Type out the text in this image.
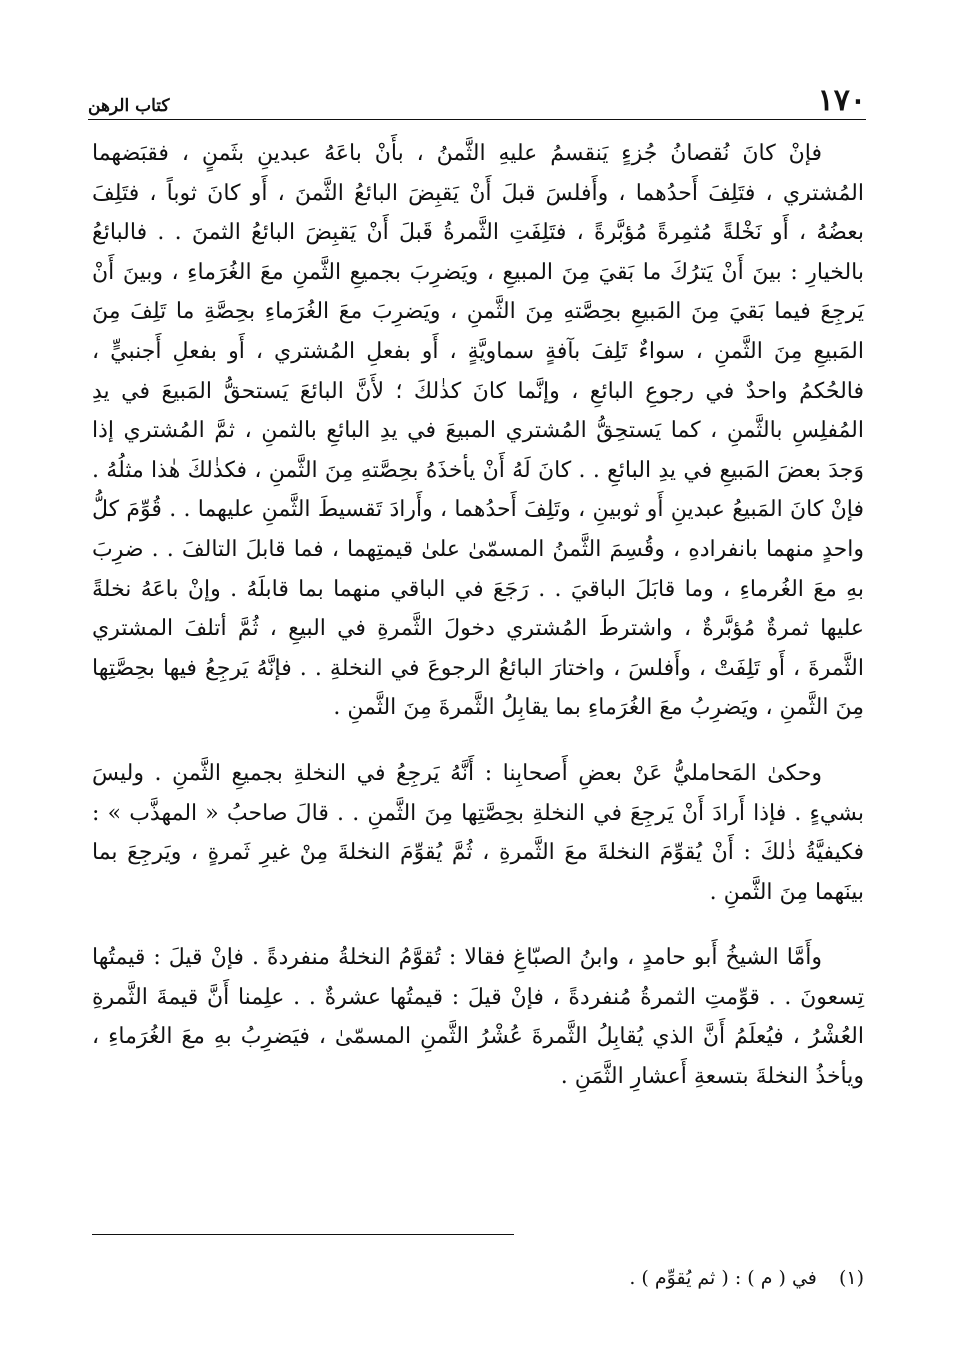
١٧٠
كتاب الرهن

فإنْ كانَ نُقصانُ جُزءٍ يَنقسمُ عليهِ الثَّمنُ ، بأَنْ باعَهُ عبدينِ بثَمنٍ ، فقبَضهما المُشتري ، فتَلِفَ أَحدُهما ، وأَفلسَ قبلَ أَنْ يَقبِضَ البائعُ الثَّمنَ ، أَو كانَ ثوباً ، فتَلِفَ بعضُهُ ، أَو نَخْلةً مُثمِرةً مُؤبَّرةً ، فتَلِفَتِ الثَّمرةُ قَبلَ أَنْ يَقبِضَ البائعُ الثمنَ . . فالبائعُ بالخيارِ : بينَ أَنْ يَترُكَ ما بَقيَ مِنَ المبيعِ ، ويَضرِبَ بجميعِ الثَّمنِ معَ الغُرَماءِ ، وبينَ أَنْ يَرجِعَ فيما بَقيَ مِنَ المَبيعِ بحِصَّتهِ مِنَ الثَّمنِ ، ويَضرِبَ معَ الغُرَماءِ بحِصَّةِ ما تَلِفَ مِنَ المَبيعِ مِنَ الثَّمنِ ، سواءٌ تَلِفَ بآفةٍ سماويَّةٍ ، أَو بفعلِ المُشتري ، أَو بفعلِ أَجنبيٍّ ، فالحُكمُ واحدٌ في رجوعِ البائعِ ، وإنَّما كانَ كذٰلكَ ؛ لأَنَّ البائعَ يَستحقُّ المَبيعَ في يدِ المُفلِسِ بالثَّمنِ ، كما يَستحِقُّ المُشتري المبيعَ في يدِ البائعِ بالثمنِ ، ثمَّ المُشتري إذا وَجدَ بعضَ المَبيعِ في يدِ البائعِ . . كانَ لَهُ أَنْ يأخذَهُ بحِصَّتهِ مِنَ الثَّمنِ ، فكذٰلكَ هٰذا مثلُهُ . فإنْ كانَ المَبيعُ عبدينِ أَو ثوبينِ ، وتَلِفَ أَحدُهما ، وأَرادَ تَقسيطَ الثَّمنِ عليهما . . قُوِّمَ كلُّ واحدٍ منهما بانفرادهِ ، وقُسِمَ الثَّمنُ المسمّىٰ علىٰ قيمتِهما ، فما قابلَ التالفَ . . ضرِبَ بهِ معَ الغُرماءِ ، وما قابَلَ الباقيَ . . رَجَعَ في الباقي منهما بما قابلَهُ . وإنْ باعَهُ نخلةً عليها ثمرةٌ مُؤبَّرةٌ ، واشترطَ المُشتري دخولَ الثَّمرةِ في البيعِ ، ثُمَّ أتلفَ المشتري الثَّمرةَ ، أَو تَلِفَتْ ، وأَفلسَ ، واختارَ البائعُ الرجوعَ في النخلةِ . . فإنَّهُ يَرجِعُ فيها بحِصَّتِها مِنَ الثَّمنِ ، ويَضرِبُ معَ الغُرَماءِ بما يقابِلُ الثَّمرةَ مِنَ الثَّمنِ .

وحكىٰ المَحامليُّ عَنْ بعضِ أَصحابِنا : أَنَّهُ يَرجِعُ في النخلةِ بجميعِ الثَّمنِ . وليسَ بشيءٍ . فإذا أَرادَ أَنْ يَرجِعَ في النخلةِ بحِصَّتِها مِنَ الثَّمنِ . . قالَ صاحبُ « المهذَّب » : فكيفيَّةُ ذٰلكَ : أَنْ يُقوِّمَ النخلةَ معَ الثَّمرةِ ، ثُمَّ يُقوِّمَ النخلةَ مِنْ غيرِ ثَمرةٍ ، ويَرجِعَ بما بينَهما مِنَ الثَّمنِ .

وأَمَّا الشيخُ أَبو حامدٍ ، وابنُ الصبّاغِ فقالا : تُقوَّمُ النخلةُ منفردةً . فإنْ قيلَ : قيمتُها تِسعونَ . . قوِّمتِ الثمرةُ مُنفردةً ، فإنْ قيلَ : قيمتُها عشرةٌ . . علِمنا أَنَّ قيمةَ الثَّمرةِ العُشْرُ ، فيُعلَمُ أَنَّ الذي يُقابِلُ الثَّمرةَ عُشْرُ الثَّمنِ المسمّىٰ ، فيَضرِبُ بهِ معَ الغُرَماءِ ، ويأخذُ النخلةَ بتسعةِ أَعشارِ الثَّمَنِ .

(١) في ( م ) : ( ثم يُقوِّم ) .
